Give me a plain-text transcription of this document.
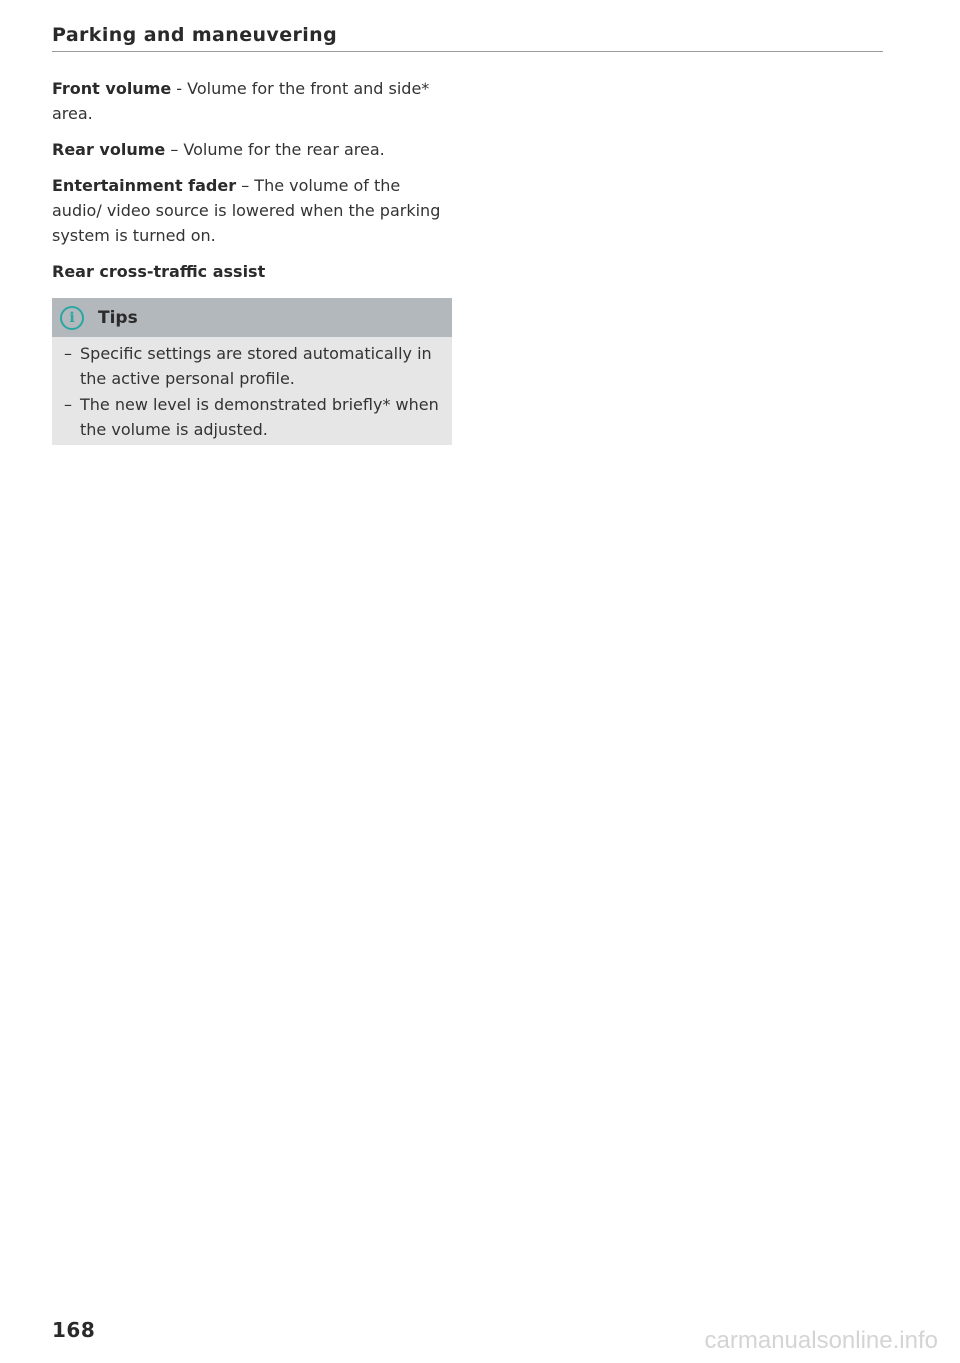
Parking and maneuvering

Front volume - Volume for the front and side* area.

Rear volume – Volume for the rear area.

Entertainment fader – The volume of the audio/ video source is lowered when the parking system is turned on.

Rear cross-traffic assist
i	Tips
– Specific settings are stored automatically in the active personal profile.
– The new level is demonstrated briefly* when the volume is adjusted.
168	carmanualsonline.info
